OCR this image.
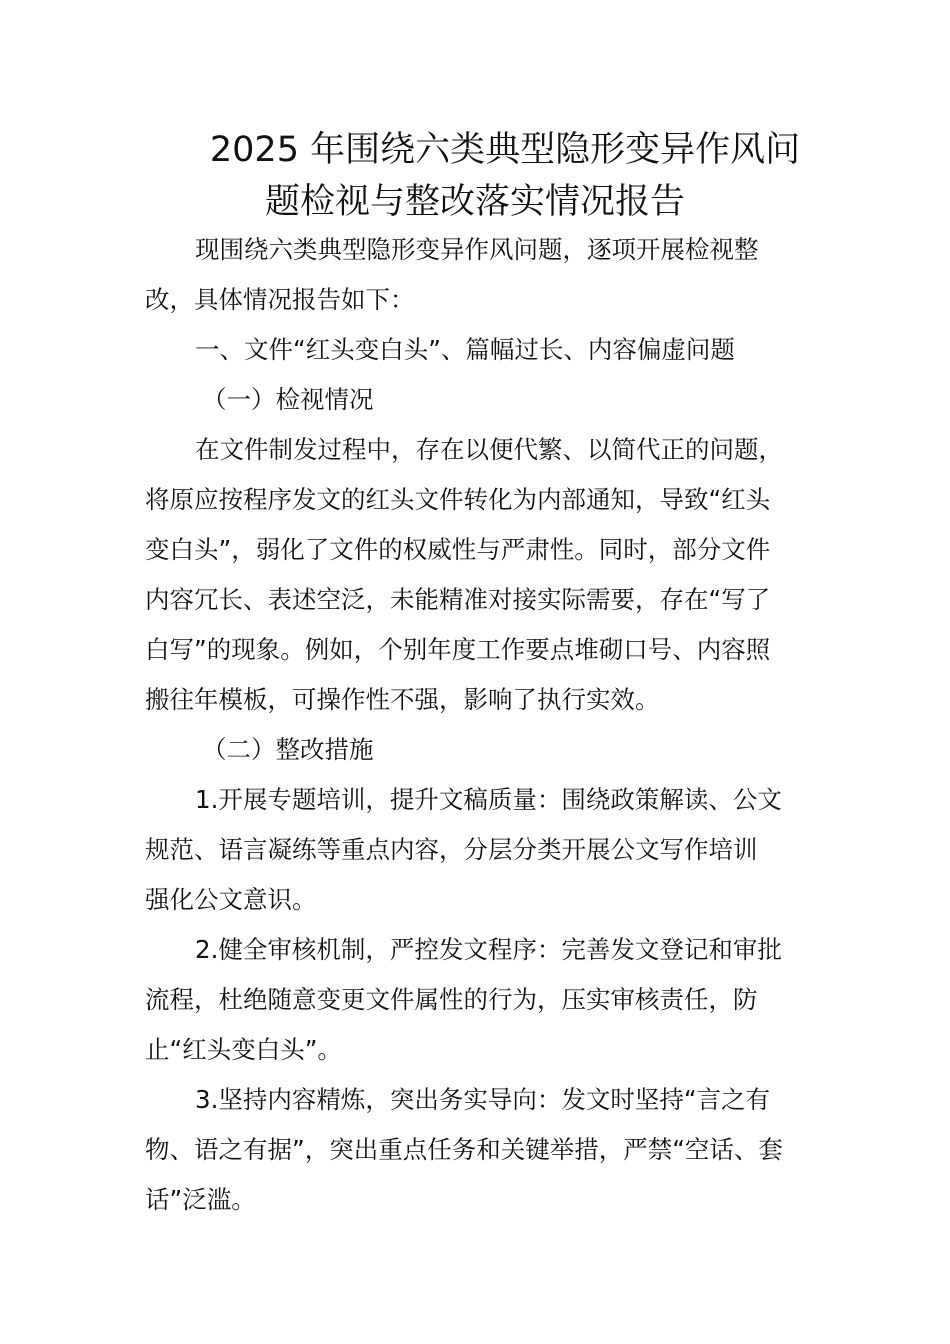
2025 年围绕六类典型隐形变异作风问
题检视与整改落实情况报告
现围绕六类典型隐形变异作风问题，逐项开展检视整
改，具体情况报告如下：
一、文件“红头变白头”、篇幅过长、内容偏虚问题
（一）检视情况
在文件制发过程中，存在以便代繁、以简代正的问题，
将原应按程序发文的红头文件转化为内部通知，导致“红头
变白头”，弱化了文件的权威性与严肃性。同时，部分文件
内容冗长、表述空泛，未能精准对接实际需要，存在“写了
白写”的现象。例如，个别年度工作要点堆砌口号、内容照
搬往年模板，可操作性不强，影响了执行实效。
（二）整改措施
1.开展专题培训，提升文稿质量：围绕政策解读、公文
规范、语言凝练等重点内容，分层分类开展公文写作培训
强化公文意识。
2.健全审核机制，严控发文程序：完善发文登记和审批
流程，杜绝随意变更文件属性的行为，压实审核责任，防
止“红头变白头”。
3.坚持内容精炼，突出务实导向：发文时坚持“言之有
物、语之有据”，突出重点任务和关键举措，严禁“空话、套
话”泛滥。
